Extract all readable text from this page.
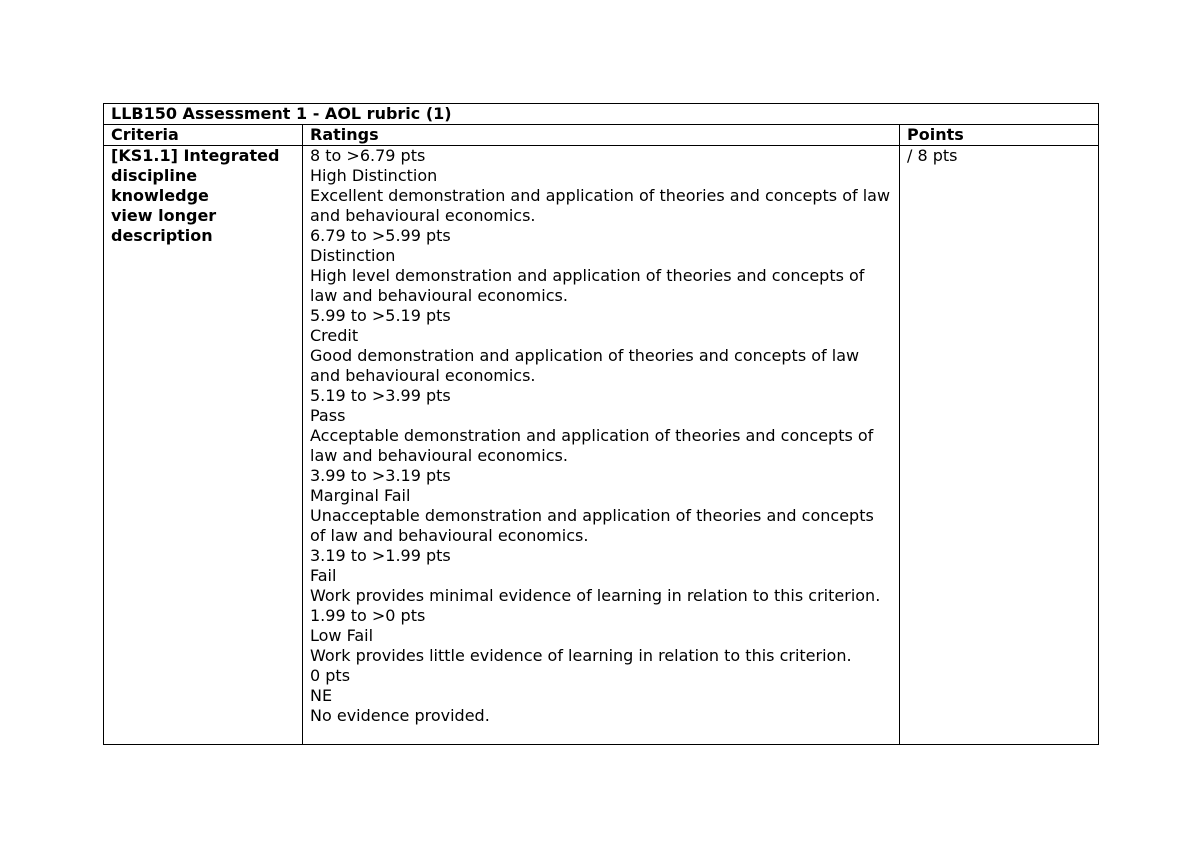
LLB150 Assessment 1 - AOL rubric (1)
Criteria	Ratings	Points
[KS1.1] Integrated
discipline
knowledge
view longer
description
8 to >6.79 pts
High Distinction
Excellent demonstration and application of theories and concepts of law and behavioural economics.
6.79 to >5.99 pts
Distinction
High level demonstration and application of theories and concepts of law and behavioural economics.
5.99 to >5.19 pts
Credit
Good demonstration and application of theories and concepts of law and behavioural economics.
5.19 to >3.99 pts
Pass
Acceptable demonstration and application of theories and concepts of law and behavioural economics.
3.99 to >3.19 pts
Marginal Fail
Unacceptable demonstration and application of theories and concepts of law and behavioural economics.
3.19 to >1.99 pts
Fail
Work provides minimal evidence of learning in relation to this criterion.
1.99 to >0 pts
Low Fail
Work provides little evidence of learning in relation to this criterion.
0 pts
NE
No evidence provided.
/ 8 pts
